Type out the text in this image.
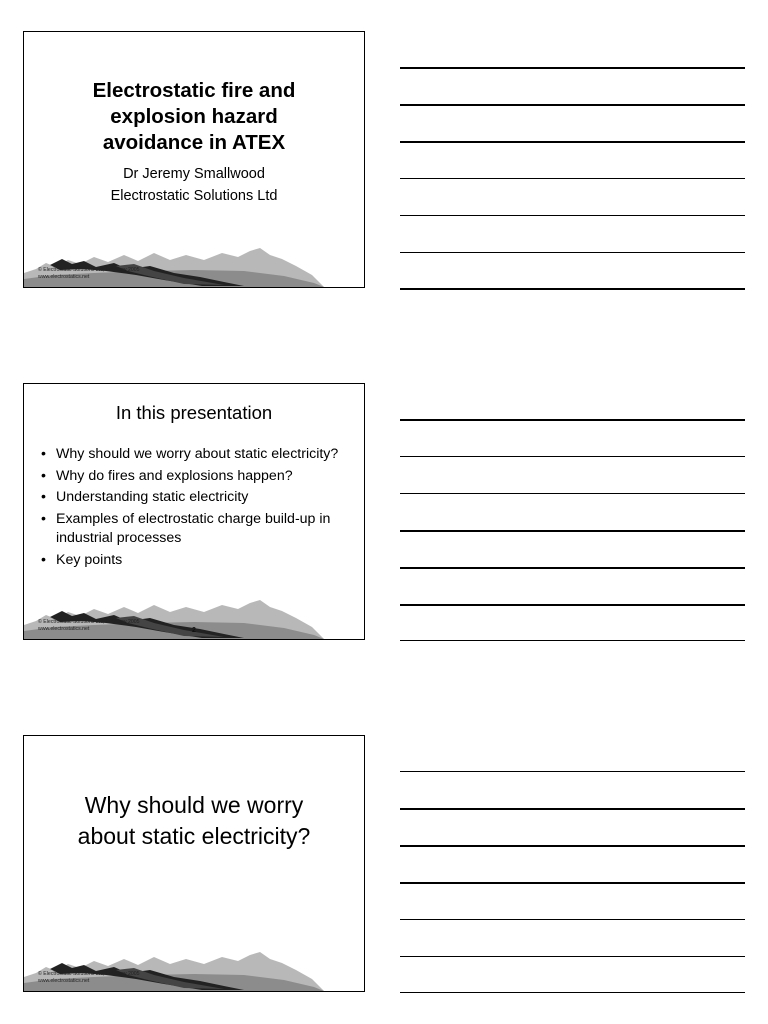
Electrostatic fire and
explosion hazard
avoidance in ATEX
Dr Jeremy Smallwood
Electrostatic Solutions Ltd
© Electrostatic Solutions Ltd, February 2005
www.electrostatics.net
In this presentation
• Why should we worry about static electricity?
• Why do fires and explosions happen?
• Understanding static electricity
• Examples of electrostatic charge build-up in industrial processes
• Key points
© Electrostatic Solutions Ltd, February 2005
www.electrostatics.net	2
Why should we worry
about static electricity?
© Electrostatic Solutions Ltd, February 2005
www.electrostatics.net
